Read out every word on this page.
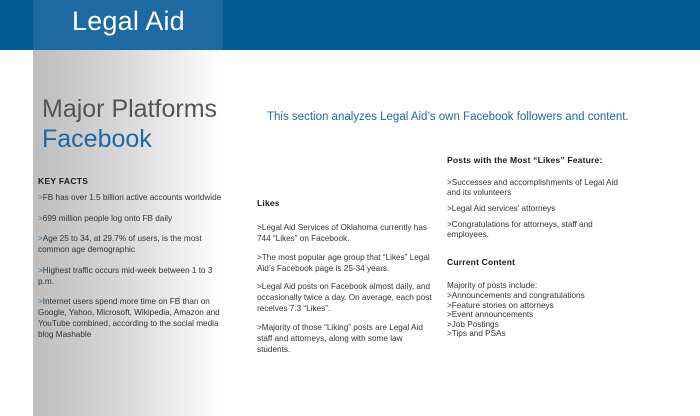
Legal Aid
Major Platforms
Facebook
KEY FACTS
>FB has over 1.5 billion active accounts worldwide
>699 million people log onto FB daily
>Age 25 to 34, at 29.7% of users, is the most common age demographic
>Highest traffic occurs mid-week between 1 to 3 p.m.
>Internet users spend more time on FB than on Google, Yahoo, Microsoft, Wikipedia, Amazon and YouTube combined, according to the social media blog Mashable
This section analyzes Legal Aid’s own Facebook followers and content.
Likes
>Legal Aid Services of Oklahoma currently has 744 “Likes” on Facebook.
>The most popular age group that “Likes” Legal Aid’s Facebook page is 25-34 years.
>Legal Aid posts on Facebook almost daily, and occasionally twice a day. On average, each post receives 7.3 “Likes”.
>Majority of those “Liking” posts are Legal Aid staff and attorneys, along with some law students.
Posts with the Most “Likes” Feature:
>Successes and accomplishments of Legal Aid and its volunteers
>Legal Aid services’ attorneys
>Congratulations for attorneys, staff and employees.
Current Content
Majority of posts include:
>Announcements and congratulations
>Feature stories on attorneys
>Event announcements
>Job Postings
>Tips and PSAs
